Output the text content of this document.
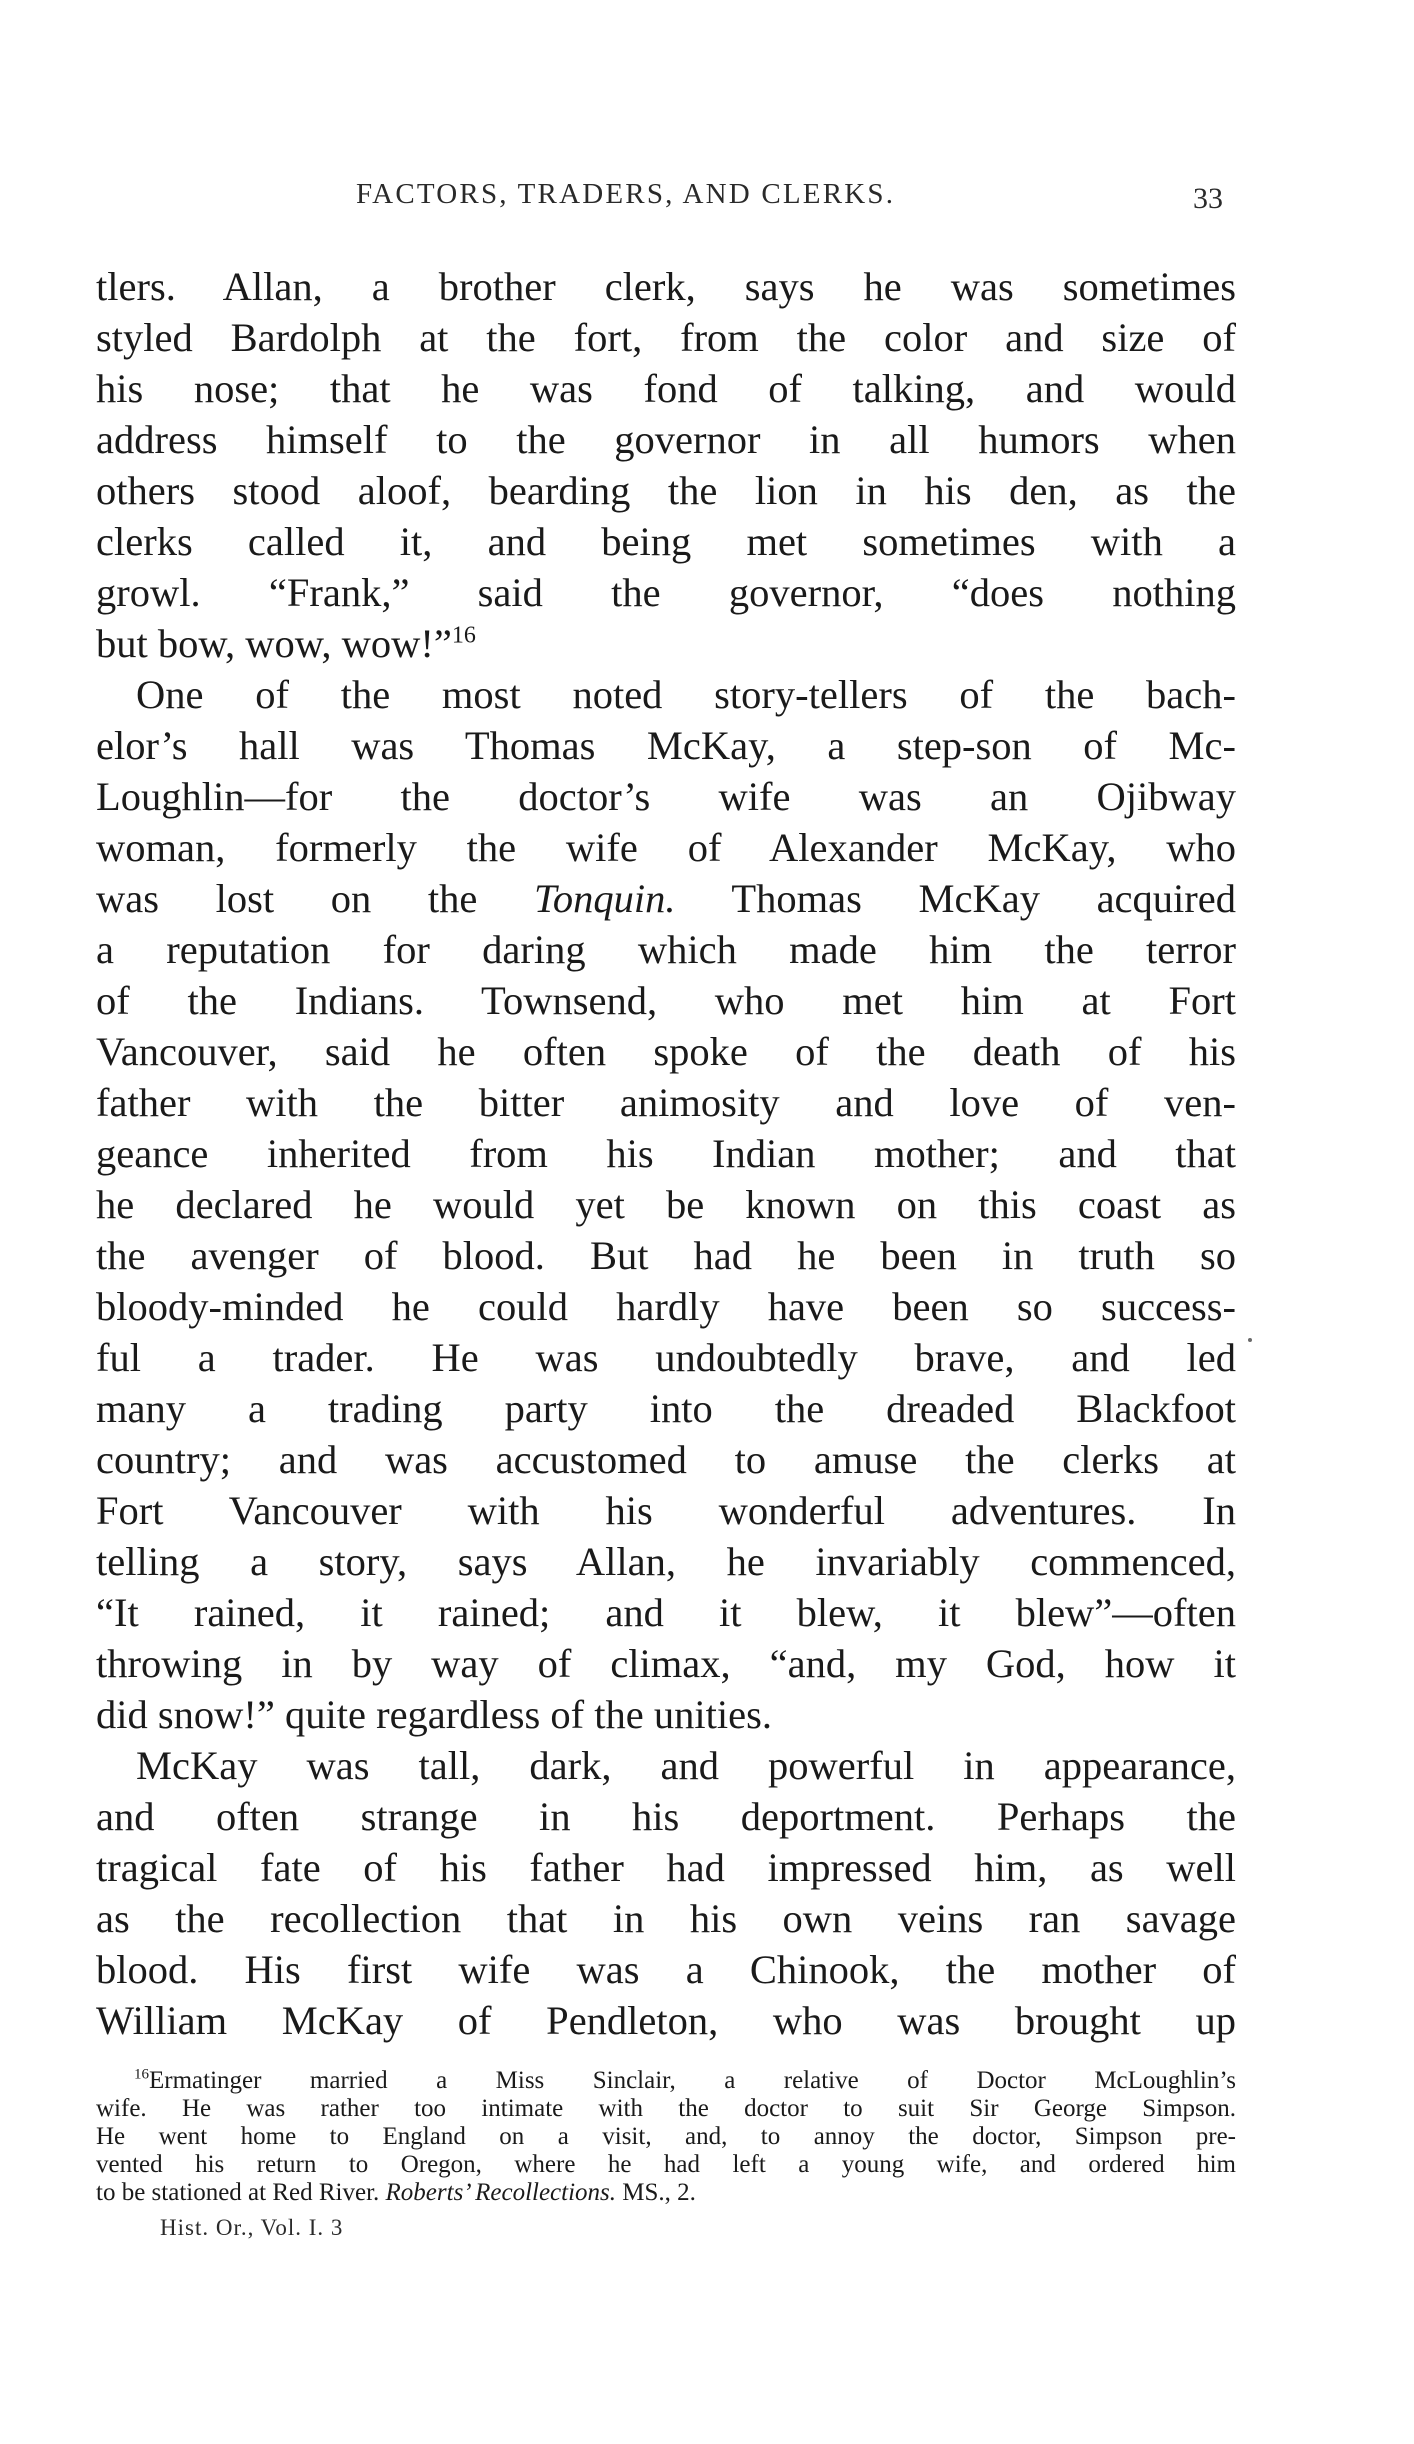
FACTORS, TRADERS, AND CLERKS.	33
tlers. Allan, a brother clerk, says he was sometimes
styled Bardolph at the fort, from the color and size of
his nose; that he was fond of talking, and would
address himself to the governor in all humors when
others stood aloof, bearding the lion in his den, as the
clerks called it, and being met sometimes with a
growl. “Frank,” said the governor, “does nothing
but bow, wow, wow!”$^{16}$
One of the most noted story-tellers of the bach-
elor’s hall was Thomas McKay, a step-son of Mc-
Loughlin—for the doctor’s wife was an Ojibway
woman, formerly the wife of Alexander McKay, who
was lost on the Tonquin. Thomas McKay acquired
a reputation for daring which made him the terror
of the Indians. Townsend, who met him at Fort
Vancouver, said he often spoke of the death of his
father with the bitter animosity and love of ven-
geance inherited from his Indian mother; and that
he declared he would yet be known on this coast as
the avenger of blood. But had he been in truth so
bloody-minded he could hardly have been so success-
ful a trader. He was undoubtedly brave, and led
many a trading party into the dreaded Blackfoot
country; and was accustomed to amuse the clerks at
Fort Vancouver with his wonderful adventures. In
telling a story, says Allan, he invariably commenced,
“It rained, it rained; and it blew, it blew”—often
throwing in by way of climax, “and, my God, how it
did snow!” quite regardless of the unities.
McKay was tall, dark, and powerful in appearance,
and often strange in his deportment. Perhaps the
tragical fate of his father had impressed him, as well
as the recollection that in his own veins ran savage
blood. His first wife was a Chinook, the mother of
William McKay of Pendleton, who was brought up
$^{16}$Ermatinger married a Miss Sinclair, a relative of Doctor McLoughlin’s
wife. He was rather too intimate with the doctor to suit Sir George Simpson.
He went home to England on a visit, and, to annoy the doctor, Simpson pre-
vented his return to Oregon, where he had left a young wife, and ordered him
to be stationed at Red River. Roberts’ Recollections. MS., 2.
Hist. Or., Vol. I. 3
